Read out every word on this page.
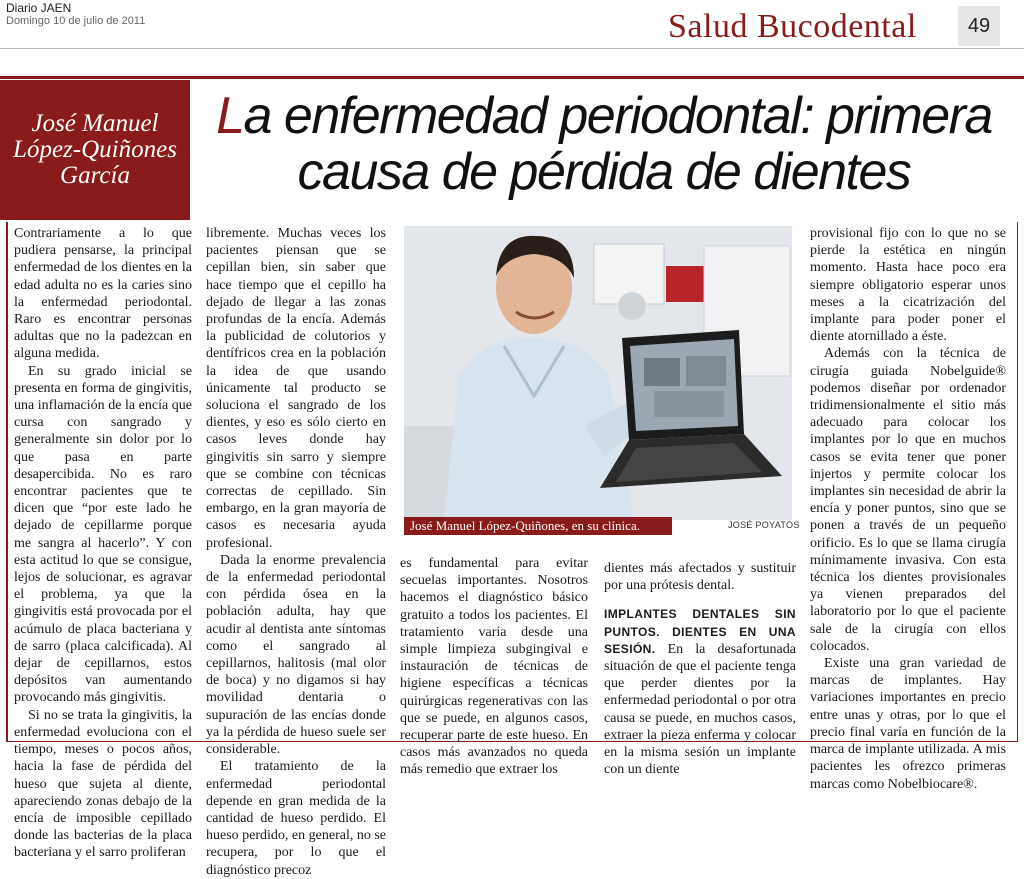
Diario JAEN
Domingo 10 de julio de 2011	Salud Bucodental	49
José Manuel
López-Quiñones
García
La enfermedad periodontal: primera
causa de pérdida de dientes

Contrariamente a lo que pudiera pensarse, la principal enfermedad de los dientes en la edad adulta no es la caries sino la enfermedad periodontal. Raro es encontrar personas adultas que no la padezcan en alguna medida.

En su grado inicial se presenta en forma de gingivitis, una inflamación de la encía que cursa con sangrado y generalmente sin dolor por lo que pasa en parte desapercibida. No es raro encontrar pacientes que te dicen que “por este lado he dejado de cepillarme porque me sangra al hacerlo”. Y con esta actitud lo que se consigue, lejos de solucionar, es agravar el problema, ya que la gingivitis está provocada por el acúmulo de placa bacteriana y de sarro (placa calcificada). Al dejar de cepillarnos, estos depósitos van aumentando provocando más gingivitis.

Si no se trata la gingivitis, la enfermedad evoluciona con el tiempo, meses o pocos años, hacia la fase de pérdida del hueso que sujeta al diente, apareciendo zonas debajo de la encía de imposible cepillado donde las bacterias de la placa bacteriana y el sarro proliferan

libremente. Muchas veces los pacientes piensan que se cepillan bien, sin saber que hace tiempo que el cepillo ha dejado de llegar a las zonas profundas de la encía. Además la publicidad de colutorios y dentífricos crea en la población la idea de que usando únicamente tal producto se soluciona el sangrado de los dientes, y eso es sólo cierto en casos leves donde hay gingivitis sin sarro y siempre que se combine con técnicas correctas de cepillado. Sin embargo, en la gran mayoría de casos es necesaria ayuda profesional.

Dada la enorme prevalencia de la enfermedad periodontal con pérdida ósea en la población adulta, hay que acudir al dentista ante síntomas como el sangrado al cepillarnos, halitosis (mal olor de boca) y no digamos si hay movilidad dentaria o supuración de las encías donde ya la pérdida de hueso suele ser considerable.

El tratamiento de la enfermedad periodontal depende en gran medida de la cantidad de hueso perdido. El hueso perdido, en general, no se recupera, por lo que el diagnóstico precoz

José Manuel López-Quiñones, en su clínica.	JOSÉ POYATOS

es fundamental para evitar secuelas importantes. Nosotros hacemos el diagnóstico básico gratuito a todos los pacientes. El tratamiento varía desde una simple limpieza subgingival e instauración de técnicas de higiene específicas a técnicas quirúrgicas regenerativas con las que se puede, en algunos casos, recuperar parte de este hueso. En casos más avanzados no queda más remedio que extraer los

dientes más afectados y sustituir por una prótesis dental.

IMPLANTES DENTALES SIN PUNTOS. DIENTES EN UNA SESIÓN. En la desafortunada situación de que el paciente tenga que perder dientes por la enfermedad periodontal o por otra causa se puede, en muchos casos, extraer la pieza enferma y colocar en la misma sesión un implante con un diente

provisional fijo con lo que no se pierde la estética en ningún momento. Hasta hace poco era siempre obligatorio esperar unos meses a la cicatrización del implante para poder poner el diente atornillado a éste.

Además con la técnica de cirugía guiada Nobelguide® podemos diseñar por ordenador tridimensionalmente el sitio más adecuado para colocar los implantes por lo que en muchos casos se evita tener que poner injertos y permite colocar los implantes sin necesidad de abrir la encía y poner puntos, sino que se ponen a través de un pequeño orificio. Es lo que se llama cirugía mínimamente invasiva. Con esta técnica los dientes provisionales ya vienen preparados del laboratorio por lo que el paciente sale de la cirugía con ellos colocados.

Existe una gran variedad de marcas de implantes. Hay variaciones importantes en precio entre unas y otras, por lo que el precio final varía en función de la marca de implante utilizada. A mis pacientes les ofrezco primeras marcas como Nobelbiocare®.
